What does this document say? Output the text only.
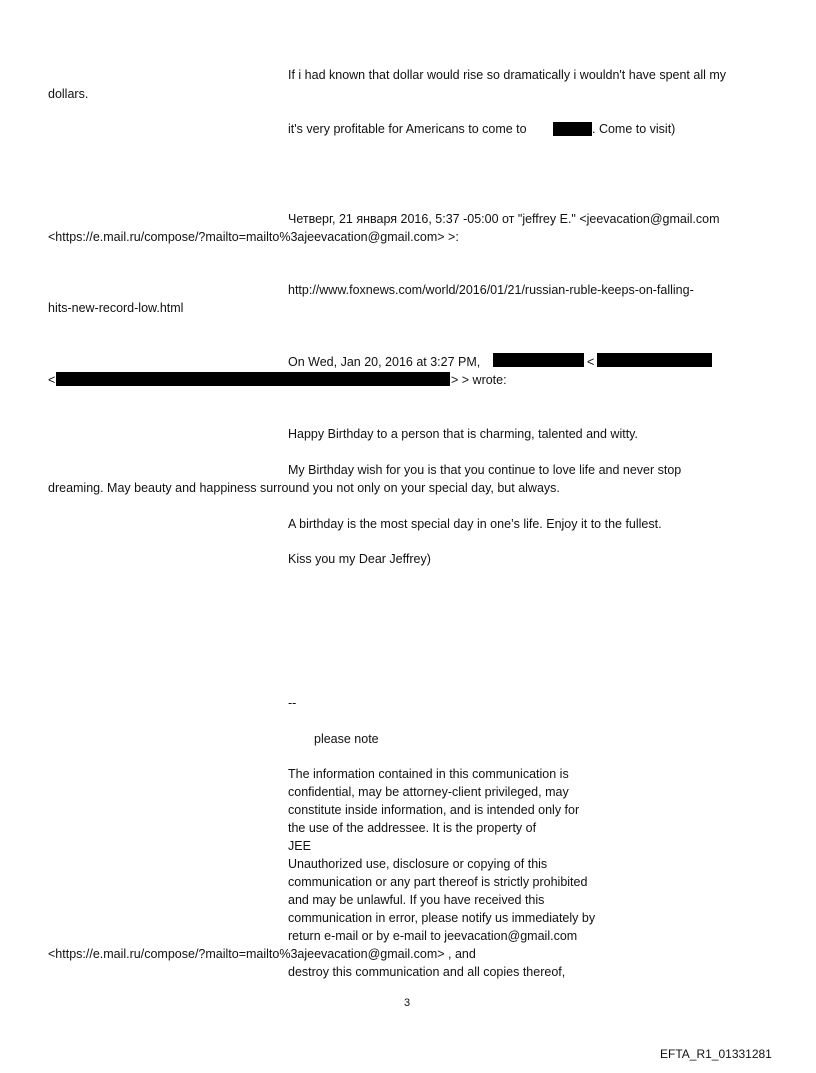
If i had known that dollar would rise so dramatically i wouldn't have spent all my
dollars.
it's very profitable for Americans to come to	. Come to visit)
Четверг, 21 января 2016, 5:37 -05:00 от "jeffrey E." <jeevacation@gmail.com
<https://e.mail.ru/compose/?mailto=mailto%3ajeevacation@gmail.com> >:
http://www.foxnews.com/world/2016/01/21/russian-ruble-keeps-on-falling-
hits-new-record-low.html
On Wed, Jan 20, 2016 at 3:27 PM,	<
<	> > wrote:
Happy Birthday to a person that is charming, talented and witty.
My Birthday wish for you is that you continue to love life and never stop
dreaming. May beauty and happiness surround you not only on your special day, but always.
A birthday is the most special day in one’s life. Enjoy it to the fullest.
Kiss you my Dear Jeffrey)
--
please note
The information contained in this communication is
confidential, may be attorney-client privileged, may
constitute inside information, and is intended only for
the use of the addressee. It is the property of
JEE
Unauthorized use, disclosure or copying of this
communication or any part thereof is strictly prohibited
and may be unlawful. If you have received this
communication in error, please notify us immediately by
return e-mail or by e-mail to jeevacation@gmail.com
<https://e.mail.ru/compose/?mailto=mailto%3ajeevacation@gmail.com> , and
destroy this communication and all copies thereof,
3
EFTA_R1_01331281
